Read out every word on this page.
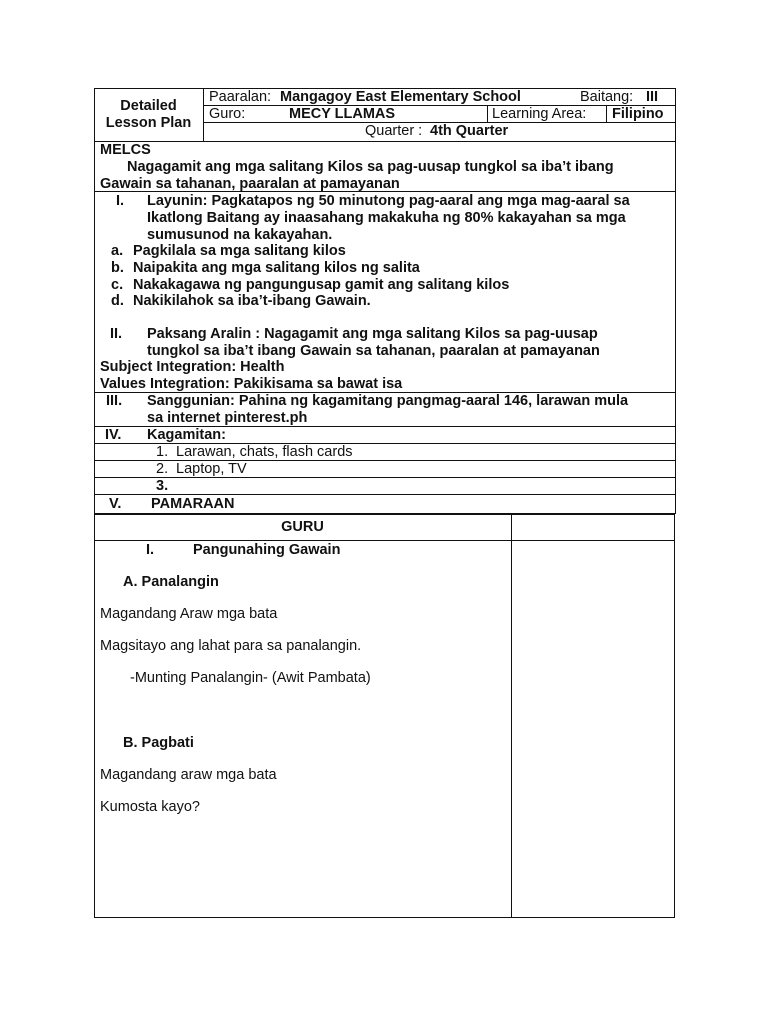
Detailed
Lesson Plan
Paaralan: Mangagoy East Elementary School	Baitang: III
Guro:	MECY LLAMAS	Learning Area: Filipino
Quarter : 4th Quarter
MELCS
Nagagamit ang mga salitang Kilos sa pag-uusap tungkol sa iba’t ibang
Gawain sa tahanan, paaralan at pamayanan
I. Layunin: Pagkatapos ng 50 minutong pag-aaral ang mga mag-aaral sa
Ikatlong Baitang ay inaasahang makakuha ng 80% kakayahan sa mga
sumusunod na kakayahan.
a. Pagkilala sa mga salitang kilos
b. Naipakita ang mga salitang kilos ng salita
c. Nakakagawa ng pangungusap gamit ang salitang kilos
d. Nakikilahok sa iba’t-ibang Gawain.
II. Paksang Aralin : Nagagamit ang mga salitang Kilos sa pag-uusap
tungkol sa iba’t ibang Gawain sa tahanan, paaralan at pamayanan
Subject Integration: Health
Values Integration: Pakikisama sa bawat isa
III. Sanggunian: Pahina ng kagamitang pangmag-aaral 146, larawan mula
sa internet pinterest.ph
IV. Kagamitan:
1. Larawan, chats, flash cards
2. Laptop, TV
3.
V. PAMARAAN
GURU
I.	Pangunahing Gawain
A. Panalangin
Magandang Araw mga bata
Magsitayo ang lahat para sa panalangin.
-Munting Panalangin- (Awit Pambata)
B. Pagbati
Magandang araw mga bata
Kumosta kayo?
